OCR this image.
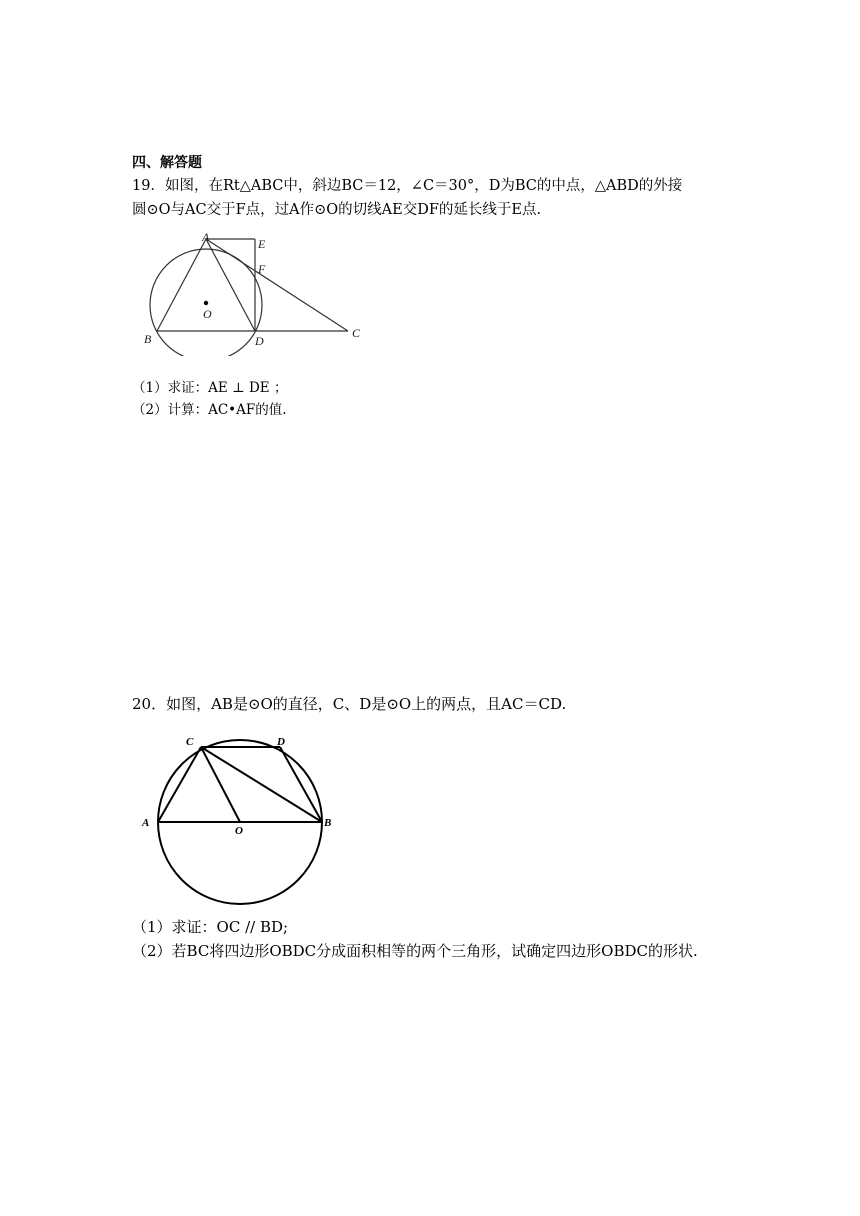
四、解答题
19．如图，在Rt△ABC中，斜边BC＝12，∠C＝30°，D为BC的中点，△ABD的外接
圆⊙O与AC交于F点，过A作⊙O的切线AE交DF的延长线于E点.
A	E
F
O
B	D
C
（1）求证：AE ⊥ DE ；
（2）计算：AC•AF的值.
20．如图，AB是⊙O的直径，C、D是⊙O上的两点，且AC＝CD.
C	D
A
O
B
（1）求证：OC // BD;
（2）若BC将四边形OBDC分成面积相等的两个三角形，试确定四边形OBDC的形状.
